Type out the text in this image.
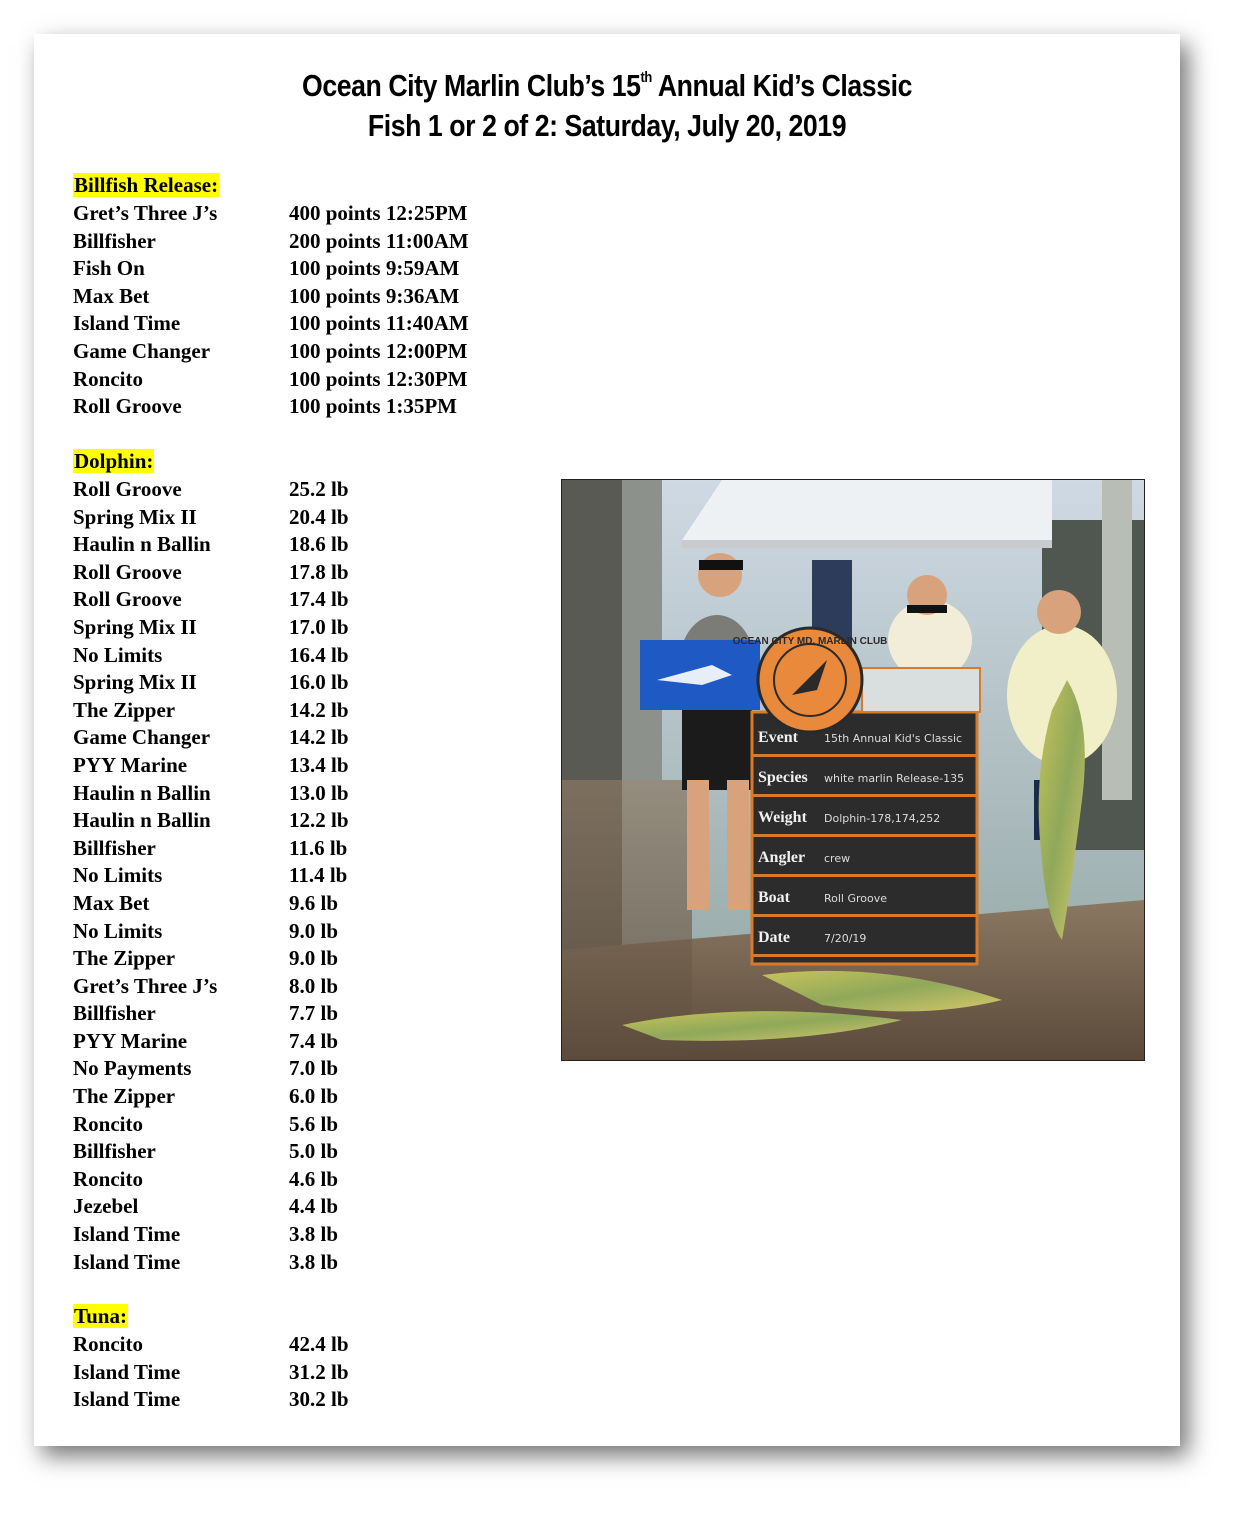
Ocean City Marlin Club’s 15th Annual Kid’s Classic
Fish 1 or 2 of 2: Saturday, July 20, 2019
Billfish Release:
Gret’s Three J’s	400 points 12:25PM
Billfisher	200 points 11:00AM
Fish On	100 points 9:59AM
Max Bet	100 points 9:36AM
Island Time	100 points 11:40AM
Game Changer	100 points 12:00PM
Roncito	100 points 12:30PM
Roll Groove	100 points 1:35PM
Dolphin:
Roll Groove	25.2 lb
Spring Mix II	20.4 lb
Haulin n Ballin	18.6 lb
Roll Groove	17.8 lb
Roll Groove	17.4 lb
Spring Mix II	17.0 lb
No Limits	16.4 lb
Spring Mix II	16.0 lb
The Zipper	14.2 lb
Game Changer	14.2 lb
PYY Marine	13.4 lb
Haulin n Ballin	13.0 lb
Haulin n Ballin	12.2 lb
Billfisher	11.6 lb
No Limits	11.4 lb
Max Bet	9.6 lb
No Limits	9.0 lb
The Zipper	9.0 lb
Gret’s Three J’s	8.0 lb
Billfisher	7.7 lb
PYY Marine	7.4 lb
No Payments	7.0 lb
The Zipper	6.0 lb
Roncito	5.6 lb
Billfisher	5.0 lb
Roncito	4.6 lb
Jezebel	4.4 lb
Island Time	3.8 lb
Island Time	3.8 lb
Tuna:
Roncito	42.4 lb
Island Time	31.2 lb
Island Time	30.2 lb
OCEAN CITY MD. MARLIN CLUB
Event 15th Annual Kid's Classic
Species white marlin Release-135
Weight Dolphin-178,174,252
Angler crew
Boat	Roll Groove
Date	7/20/19
